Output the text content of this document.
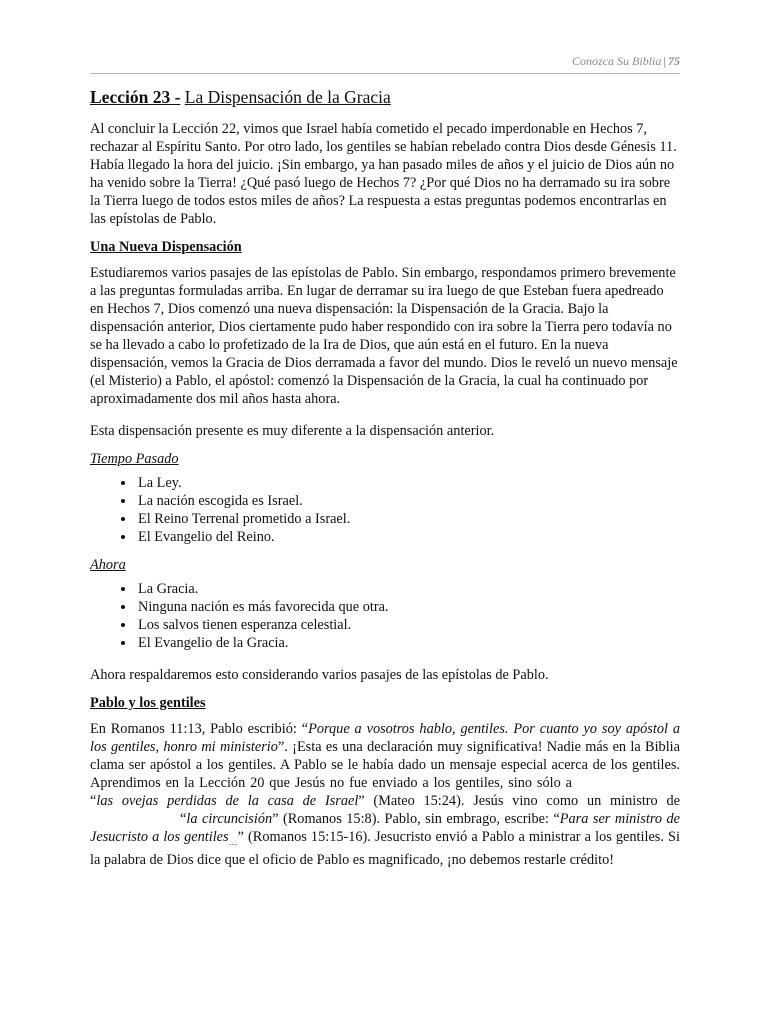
Conozca Su Biblia | 75
Lección 23 - La Dispensación de la Gracia

Al concluir la Lección 22, vimos que Israel había cometido el pecado imperdonable en Hechos 7, rechazar al Espíritu Santo. Por otro lado, los gentiles se habían rebelado contra Dios desde Génesis 11. Había llegado la hora del juicio. ¡Sin embargo, ya han pasado miles de años y el juicio de Dios aún no ha venido sobre la Tierra! ¿Qué pasó luego de Hechos 7? ¿Por qué Dios no ha derramado su ira sobre la Tierra luego de todos estos miles de años? La respuesta a estas preguntas podemos encontrarlas en las epístolas de Pablo.

Una Nueva Dispensación

Estudiaremos varios pasajes de las epístolas de Pablo. Sin embargo, respondamos primero brevemente a las preguntas formuladas arriba. En lugar de derramar su ira luego de que Esteban fuera apedreado en Hechos 7, Dios comenzó una nueva dispensación: la Dispensación de la Gracia. Bajo la dispensación anterior, Dios ciertamente pudo haber respondido con ira sobre la Tierra pero todavía no se ha llevado a cabo lo profetizado de la Ira de Dios, que aún está en el futuro. En la nueva dispensación, vemos la Gracia de Dios derramada a favor del mundo. Dios le reveló un nuevo mensaje (el Misterio) a Pablo, el apóstol: comenzó la Dispensación de la Gracia, la cual ha continuado por aproximadamente dos mil años hasta ahora.

Esta dispensación presente es muy diferente a la dispensación anterior.

Tiempo Pasado
• La Ley.
• La nación escogida es Israel.
• El Reino Terrenal prometido a Israel.
• El Evangelio del Reino.
Ahora
• La Gracia.
• Ninguna nación es más favorecida que otra.
• Los salvos tienen esperanza celestial.
• El Evangelio de la Gracia.

Ahora respaldaremos esto considerando varios pasajes de las epístolas de Pablo.

Pablo y los gentiles

En Romanos 11:13, Pablo escribió: “Porque a vosotros hablo, gentiles. Por cuanto yo soy apóstol a los gentiles, honro mi ministerio”. ¡Esta es una declaración muy significativa! Nadie más en la Biblia clama ser apóstol a los gentiles. A Pablo se le había dado un mensaje especial acerca de los gentiles. Aprendimos en la Lección 20 que Jesús no fue enviado a los gentiles, sino sólo a“las ovejas perdidas de la casa de Israel” (Mateo 15:24). Jesús vino como un ministro de“la circuncisión” (Romanos 15:8). Pablo, sin embrago, escribe: “Para ser ministro de Jesucristo a los gentiles$_\dots$” (Romanos 15:15-16). Jesucristo envió a Pablo a ministrar a los gentiles. Si la palabra de Dios dice que el oficio de Pablo es magnificado, ¡no debemos restarle crédito!
